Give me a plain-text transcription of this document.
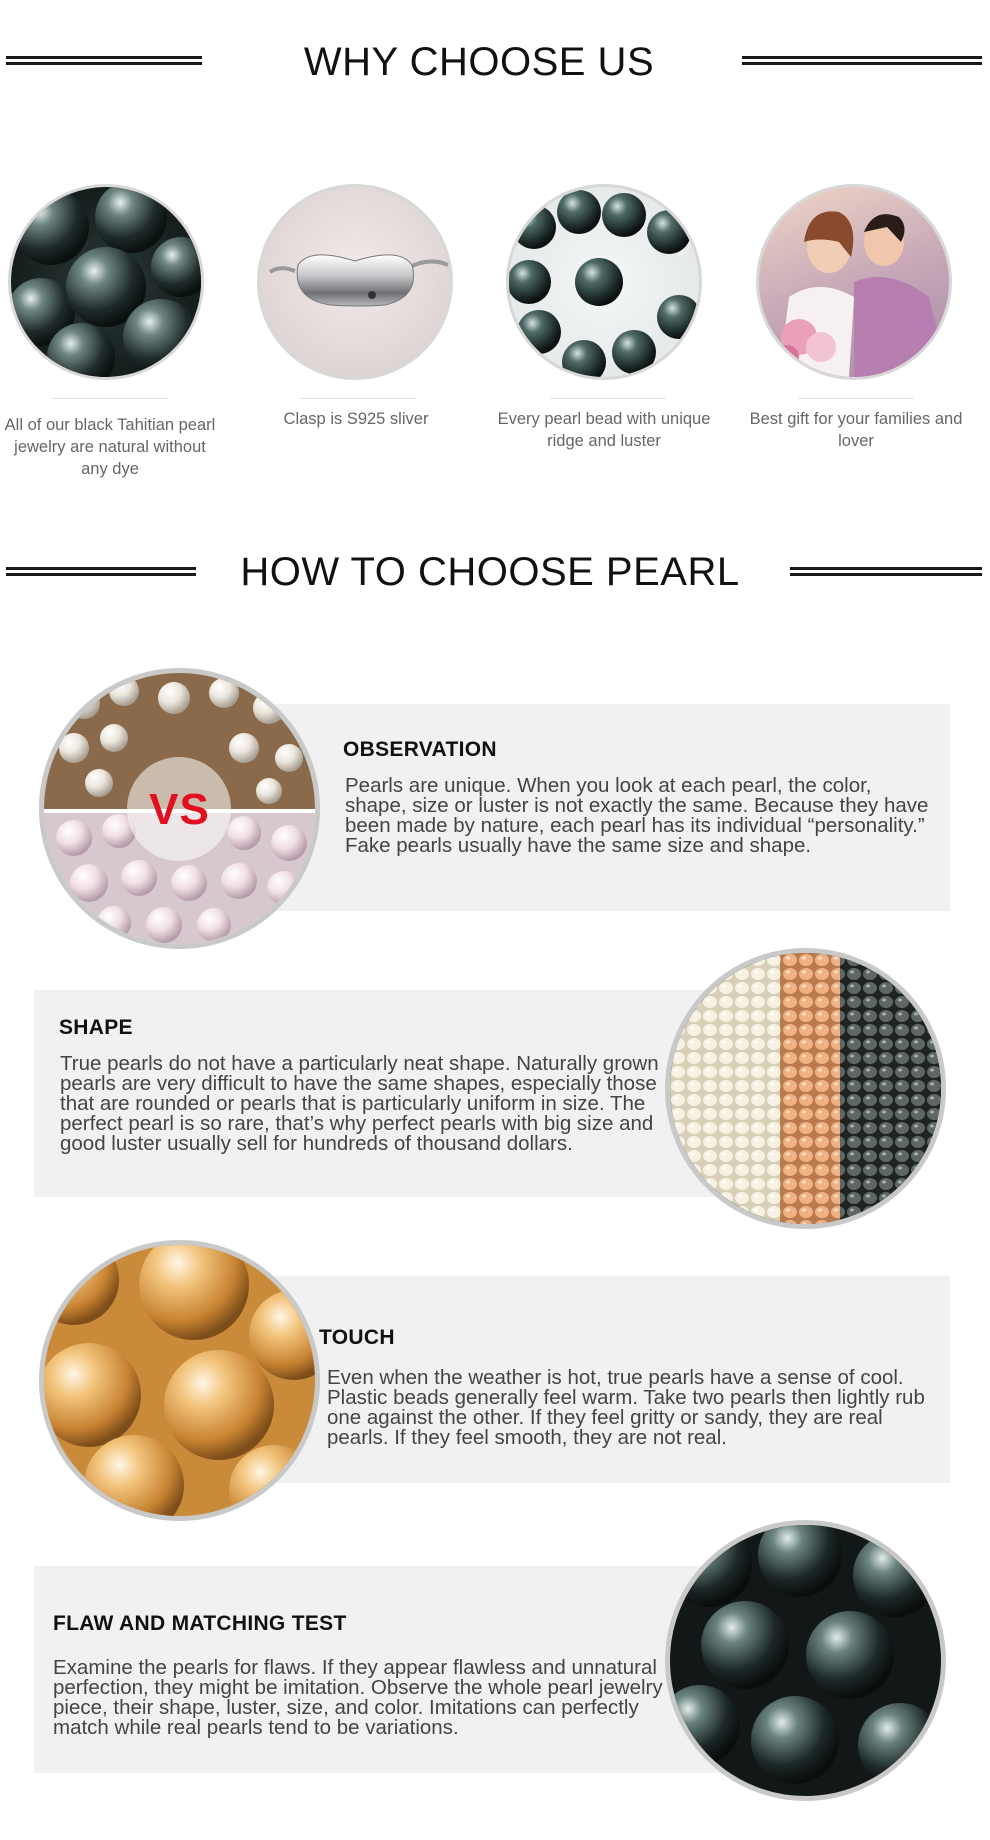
WHY CHOOSE US
All of our black Tahitian pearl jewelry are natural without any dye
Clasp is S925 sliver	Every pearl bead with unique ridge and luster
Best gift for your families and lover
HOW TO CHOOSE PEARL
VS
OBSERVATION
Pearls are unique. When you look at each pearl, the color, shape, size or luster is not exactly the same. Because they have been made by nature, each pearl has its individual “personality.” Fake pearls usually have the same size and shape.
SHAPE
True pearls do not have a particularly neat shape. Naturally grown pearls are very difficult to have the same shapes, especially those that are rounded or pearls that is particularly uniform in size. The perfect pearl is so rare, that’s why perfect pearls with big size and good luster usually sell for hundreds of thousand dollars.
TOUCH
Even when the weather is hot, true pearls have a sense of cool. Plastic beads generally feel warm. Take two pearls then lightly rub one against the other. If they feel gritty or sandy, they are real pearls. If they feel smooth, they are not real.
FLAW AND MATCHING TEST
Examine the pearls for flaws. If they appear flawless and unnatural perfection, they might be imitation. Observe the whole pearl jewelry piece, their shape, luster, size, and color. Imitations can perfectly match while real pearls tend to be variations.
